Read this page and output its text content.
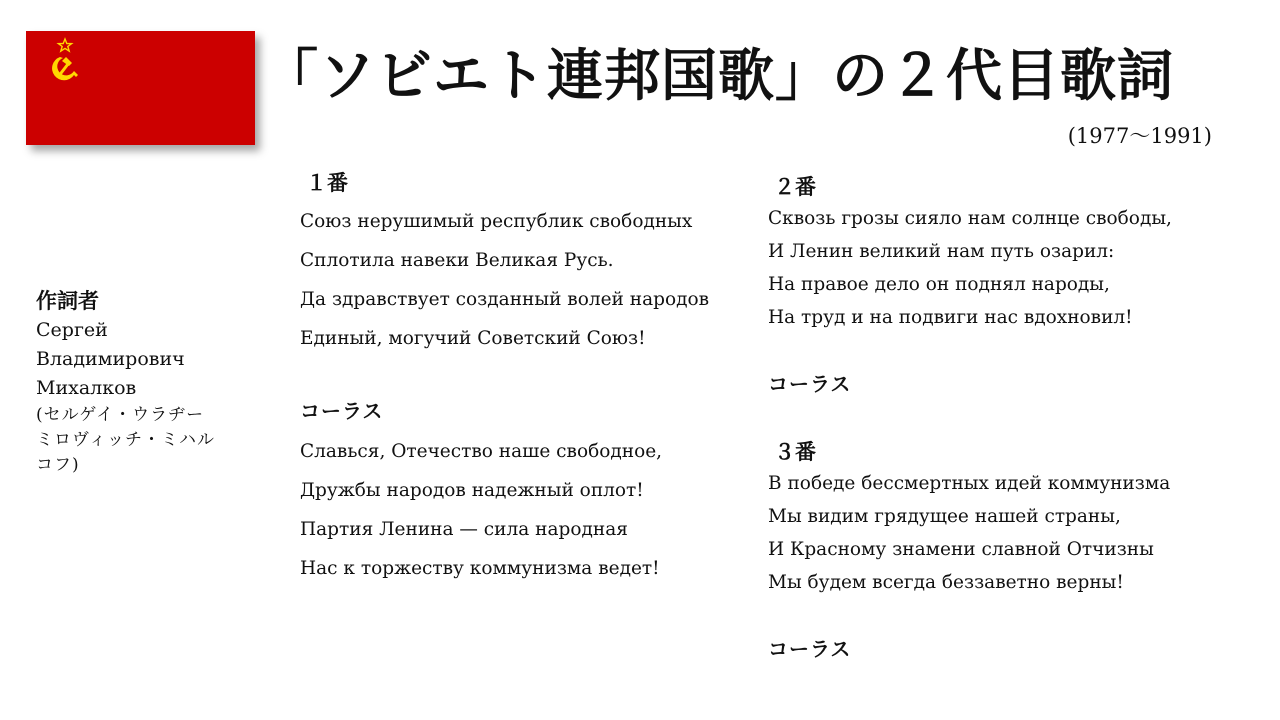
「ソビエト連邦国歌」の２代目歌詞
(1977〜1991)
作詞者
Сергей
Владимирович
Михалков
(セルゲイ・ウラヂー
ミロヴィッチ・ミハル
コフ)
１番
Союз нерушимый республик свободных
Сплотила навеки Великая Русь.
Да здравствует созданный волей народов
Единый, могучий Советский Союз!
コーラス
Славься, Отечество наше свободное,
Дружбы народов надежный оплот!
Партия Ленина — сила народная
Нас к торжеству коммунизма ведет!
２番
Сквозь грозы сияло нам солнце свободы,
И Ленин великий нам путь озарил:
На правое дело он поднял народы,
На труд и на подвиги нас вдохновил!
コーラス
３番
В победе бессмертных идей коммунизма
Мы видим грядущее нашей страны,
И Красному знамени славной Отчизны
Мы будем всегда беззаветно верны!
コーラス
